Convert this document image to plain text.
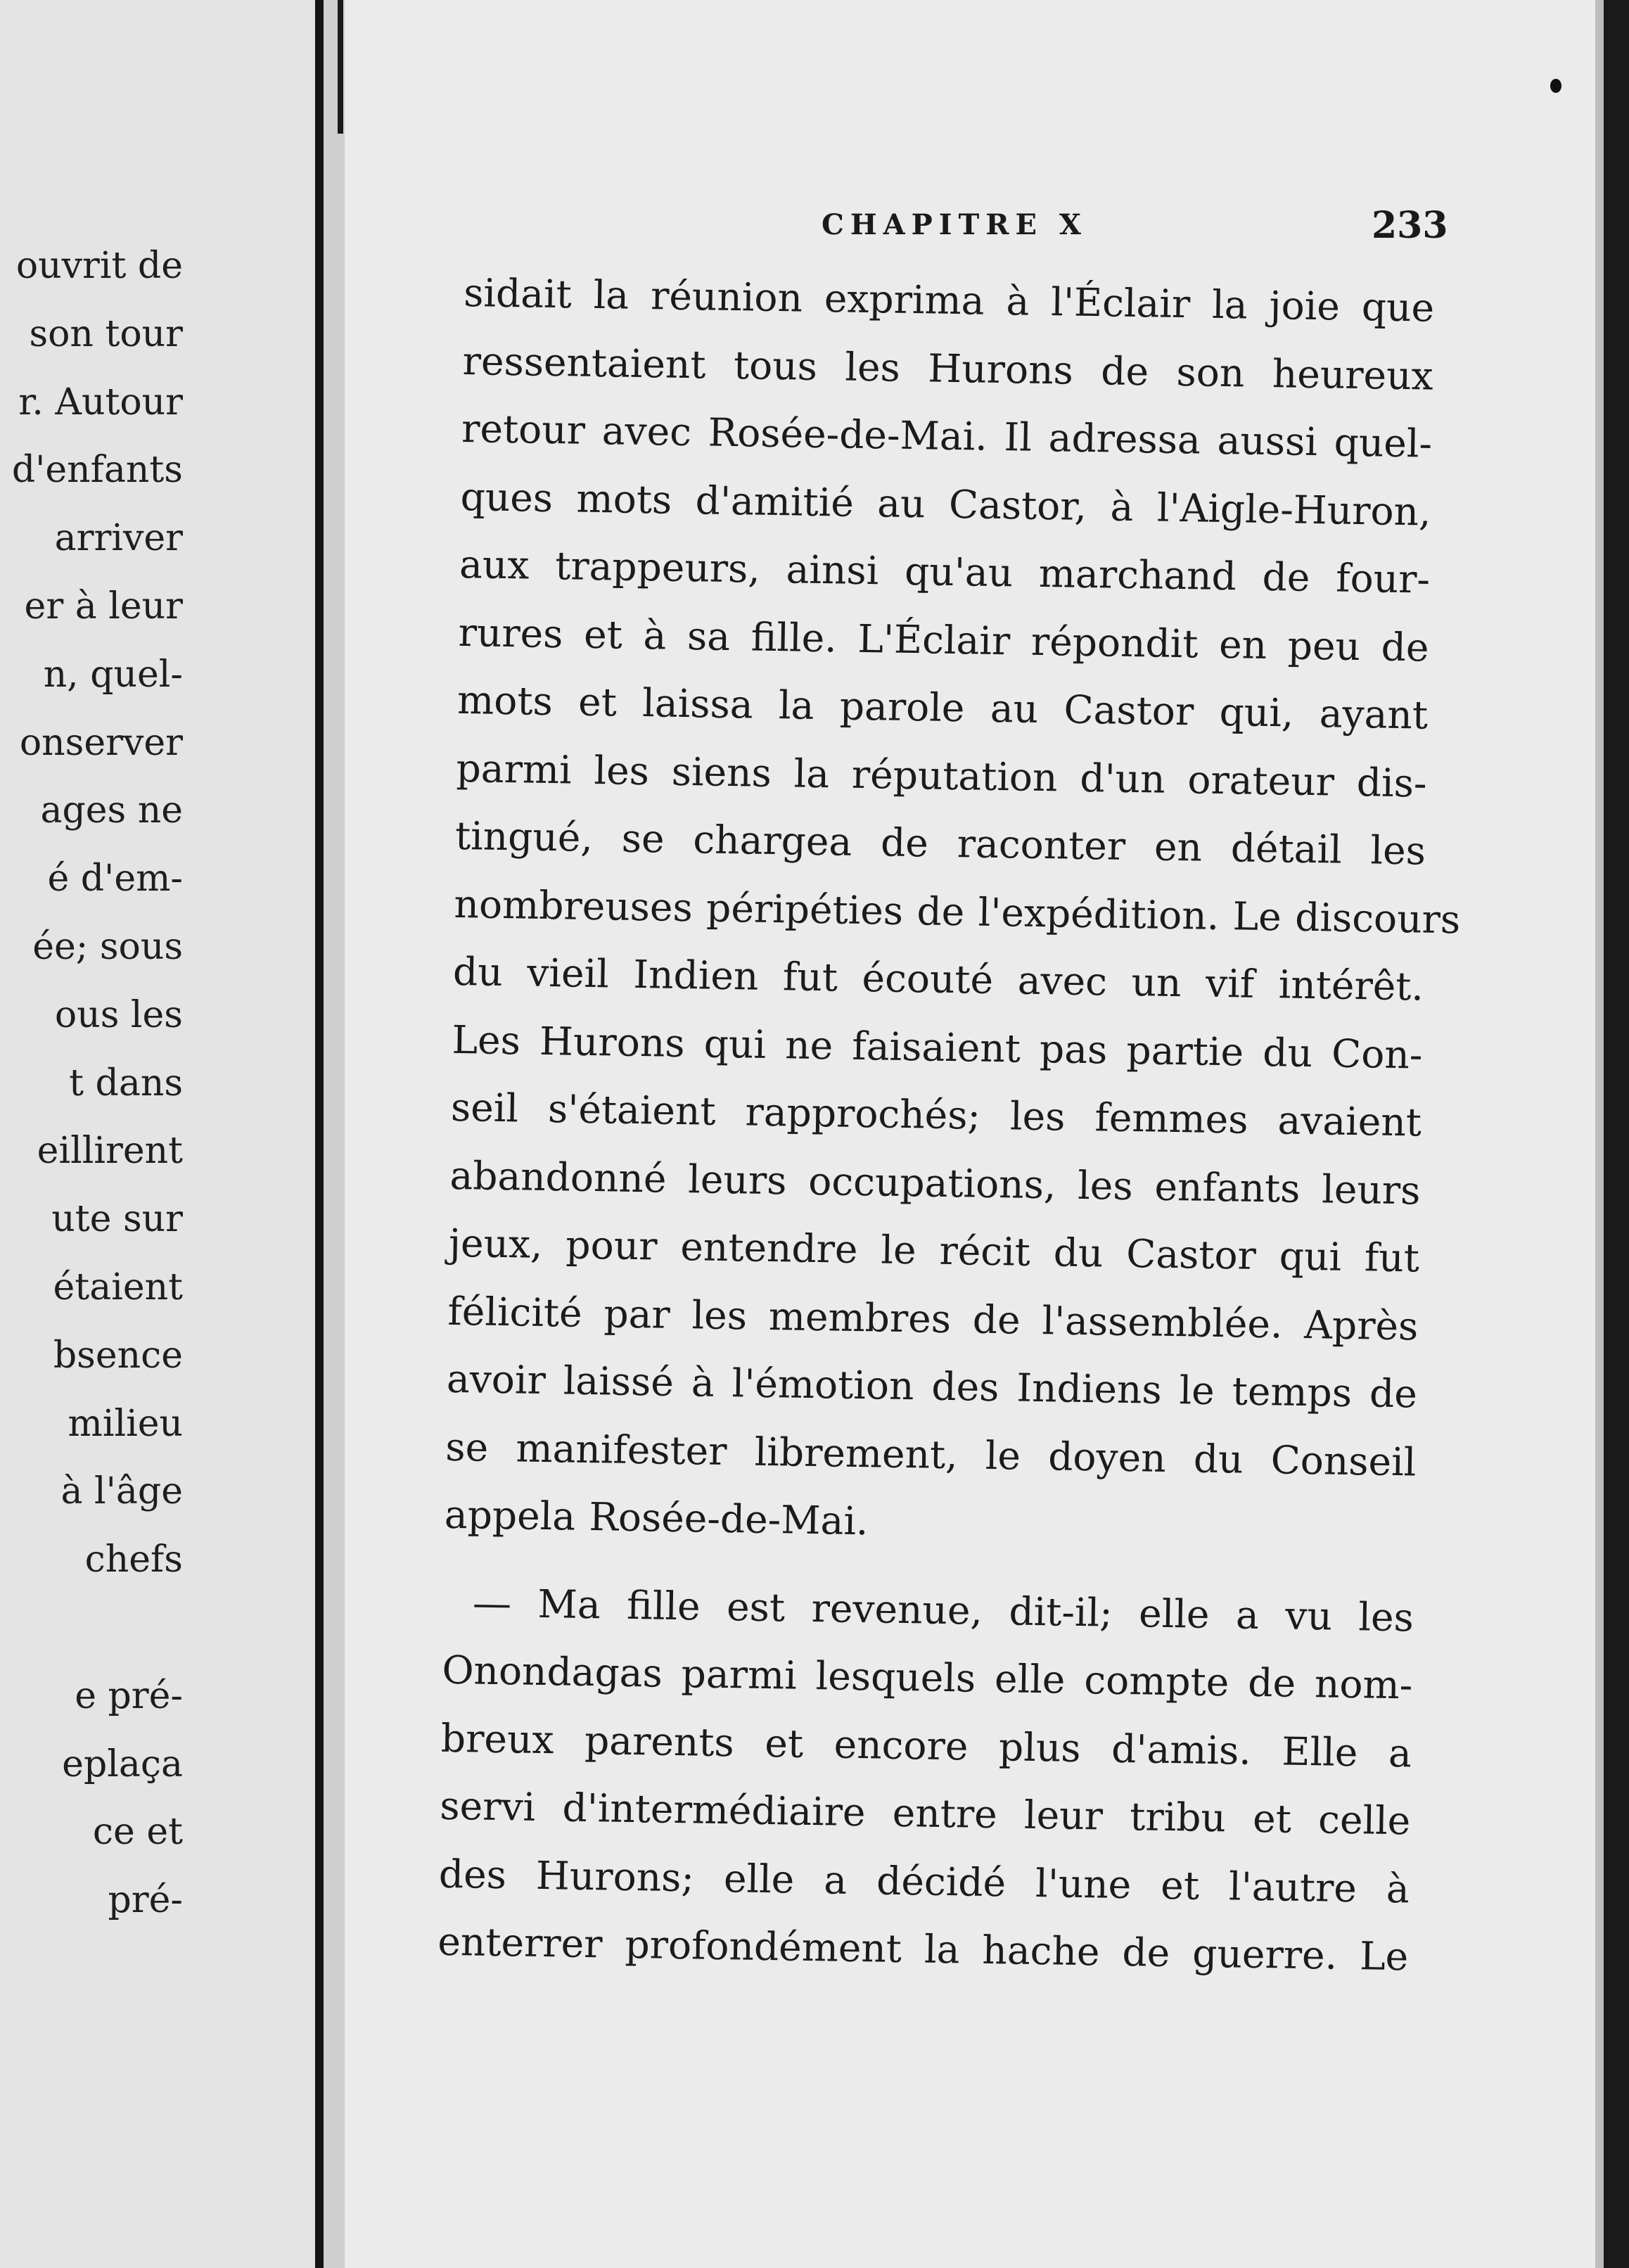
ouvrit de
son tour
r. Autour
d'enfants
arriver
er à leur
n, quel-
onserver
ages ne
é d'em-
ée; sous
ous les
t dans
eillirent
ute sur
étaient
bsence
milieu
à l'âge
chefs
e pré-
eplaça
ce et
pré-
CHAPITRE X	233
sidait la réunion exprima à l'Éclair la joie que
ressentaient tous les Hurons de son heureux
retour avec Rosée-de-Mai. Il adressa aussi quel-
ques mots d'amitié au Castor, à l'Aigle-Huron,
aux trappeurs, ainsi qu'au marchand de four-
rures et à sa fille. L'Éclair répondit en peu de
mots et laissa la parole au Castor qui, ayant
parmi les siens la réputation d'un orateur dis-
tingué, se chargea de raconter en détail les
nombreuses péripéties de l'expédition. Le discours
du vieil Indien fut écouté avec un vif intérêt.
Les Hurons qui ne faisaient pas partie du Con-
seil s'étaient rapprochés; les femmes avaient
abandonné leurs occupations, les enfants leurs
jeux, pour entendre le récit du Castor qui fut
félicité par les membres de l'assemblée. Après
avoir laissé à l'émotion des Indiens le temps de
se manifester librement, le doyen du Conseil
appela Rosée-de-Mai.
— Ma fille est revenue, dit-il; elle a vu les
Onondagas parmi lesquels elle compte de nom-
breux parents et encore plus d'amis. Elle a
servi d'intermédiaire entre leur tribu et celle
des Hurons; elle a décidé l'une et l'autre à
enterrer profondément la hache de guerre. Le
